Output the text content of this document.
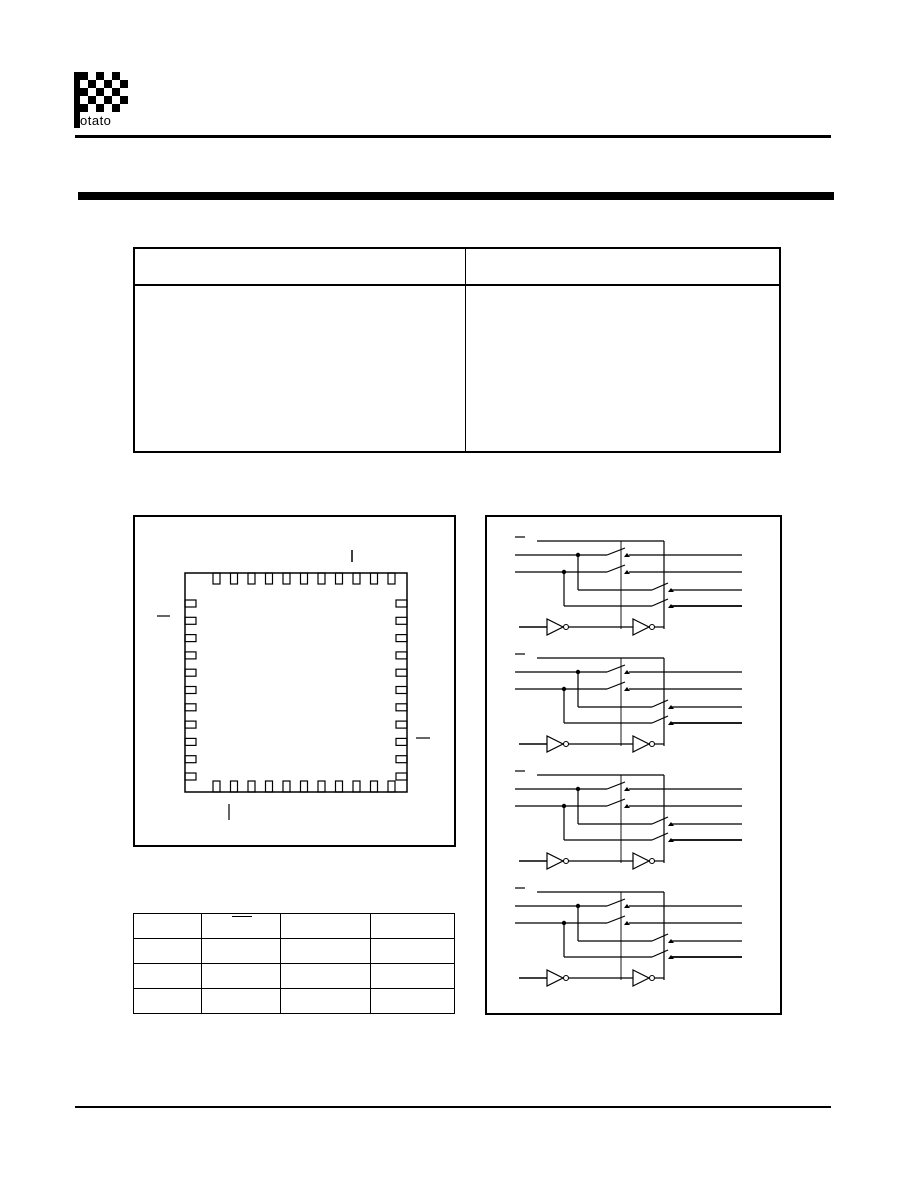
otato
